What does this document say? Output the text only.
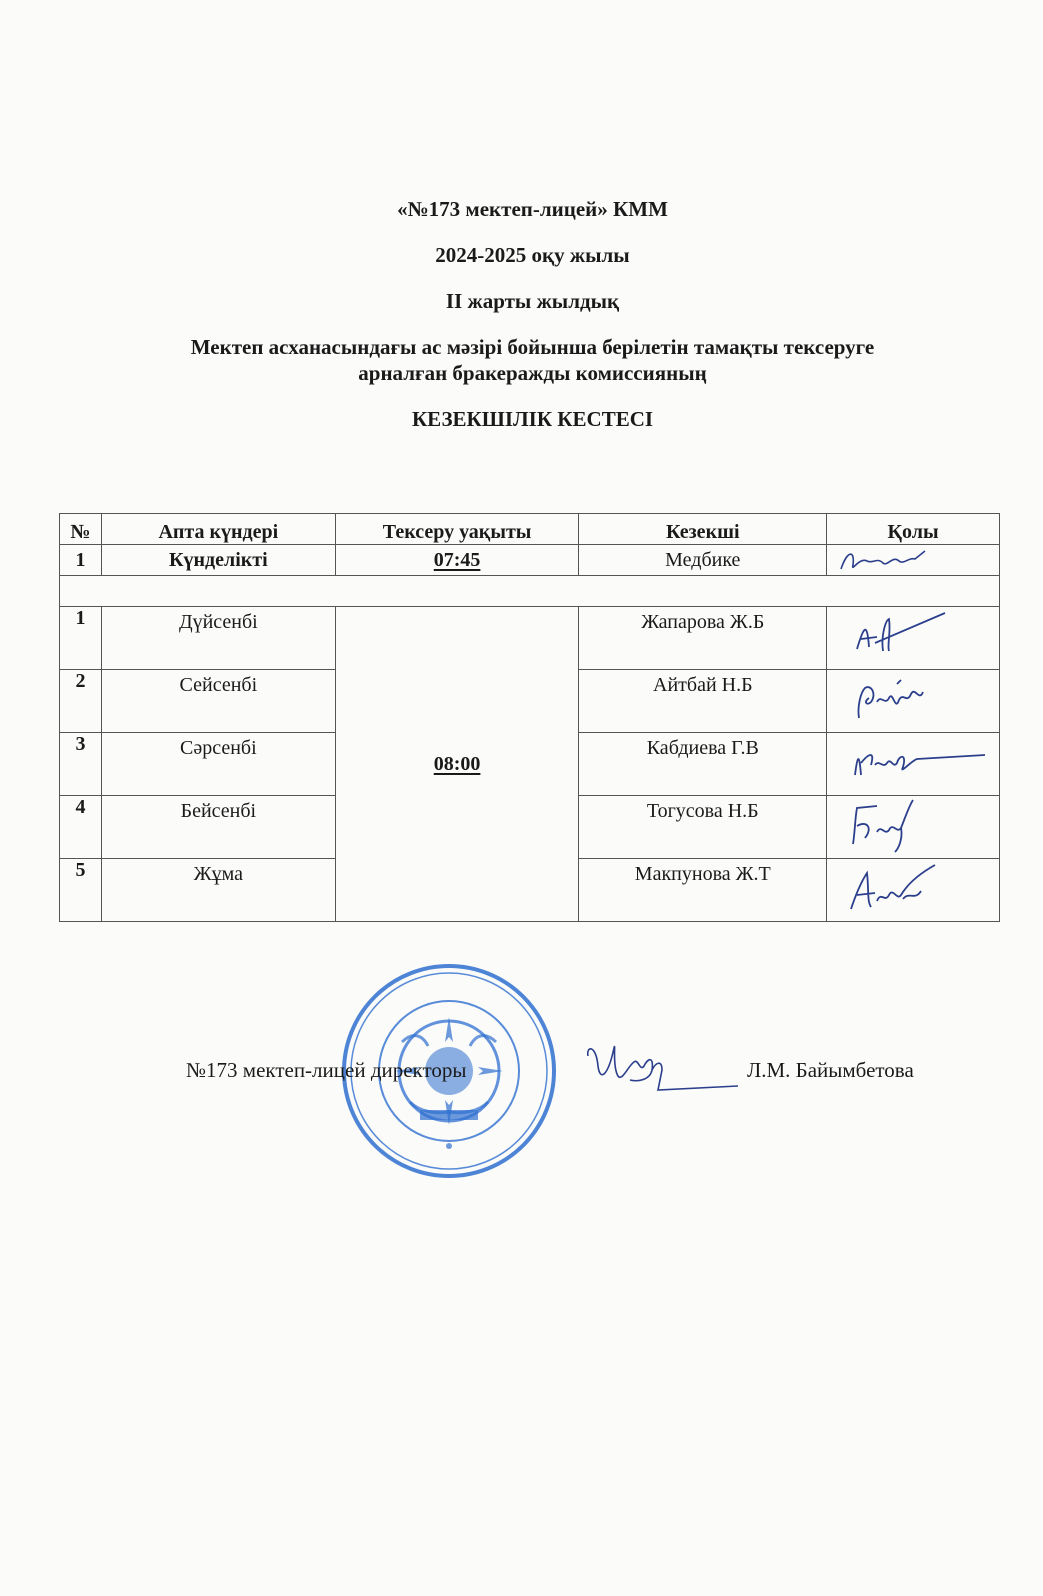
«№173 мектеп-лицей» КММ
2024-2025 оқу жылы
ІІ жарты жылдық
Мектеп асханасындағы ас мәзірі бойынша берілетін тамақты тексеруге
арналған бракеражды комиссияның
КЕЗЕКШІЛІК КЕСТЕСІ
№	Апта күндері	Тексеру уақыты	Кезекші	Қолы
1	Күнделікті	07:45	Медбике	

1	Дүйсенбі	08:00	Жапарова Ж.Б	

2	Сейсенбі		Айтбай Н.Б	

3	Сәрсенбі		Кабдиева Г.В	

4	Бейсенбі		Тогусова Н.Б	

5	Жұма		Макпунова Ж.Т	
№173 мектеп-лицей директоры	Л.М. Байымбетова
